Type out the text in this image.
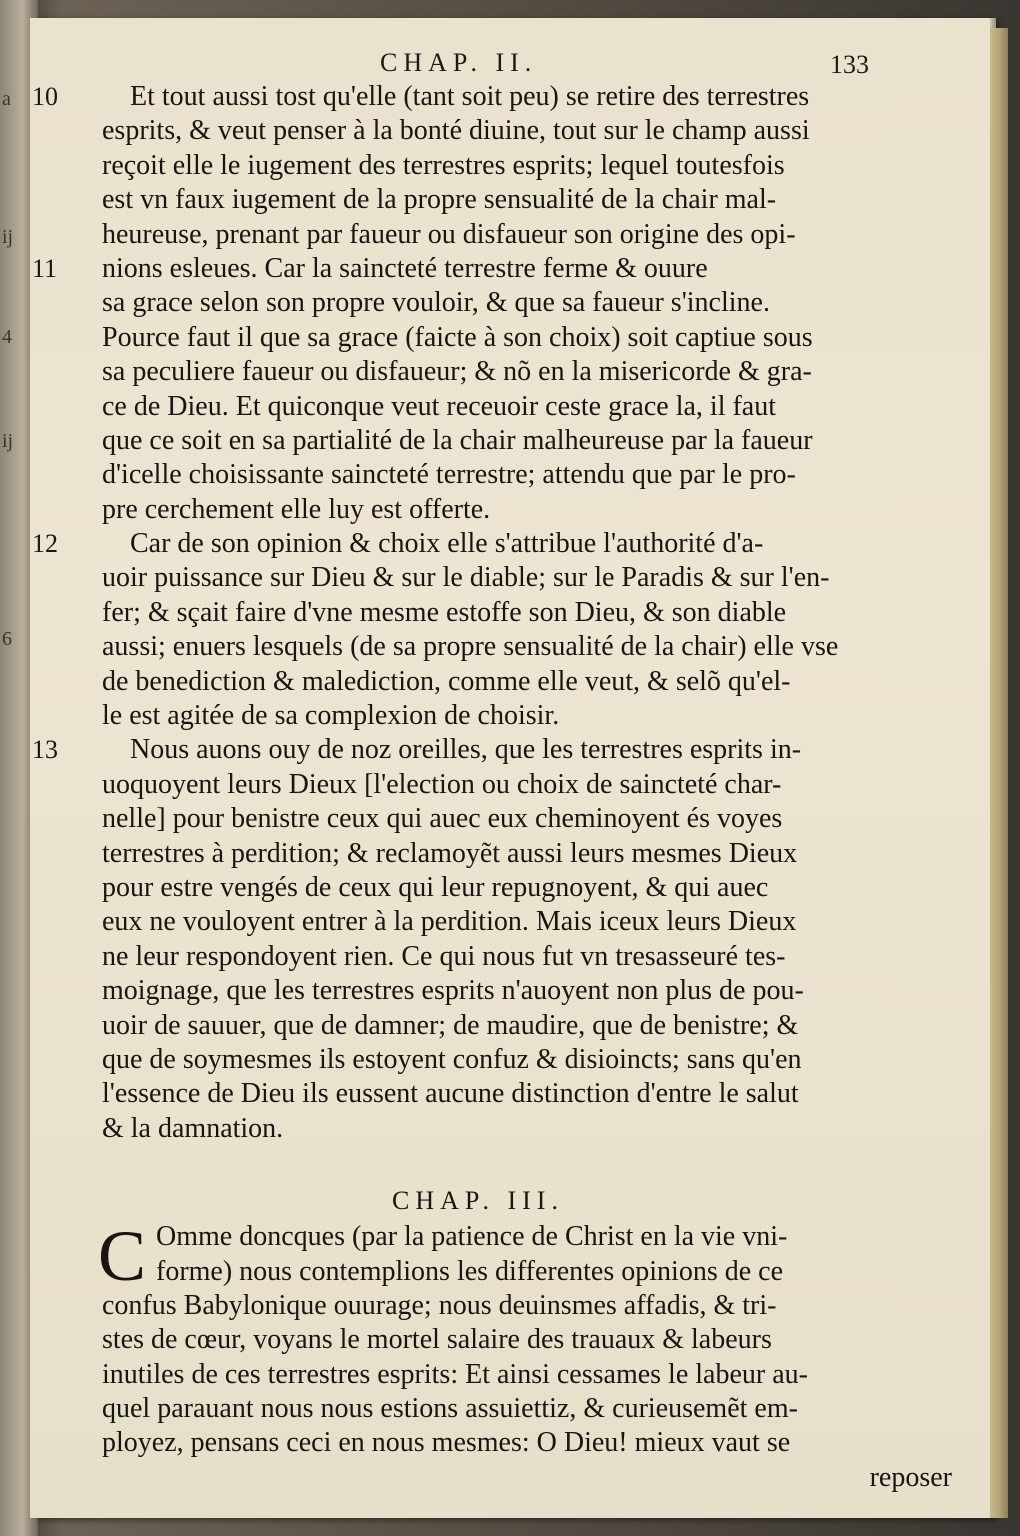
a
ij
4
ij
6
CHAP. II.	133
10	Et tout aussi tost qu'elle (tant soit peu) se retire des terrestres
esprits, & veut penser à la bonté diuine, tout sur le champ aussi
reçoit elle le iugement des terrestres esprits; lequel toutesfois
est vn faux iugement de la propre sensualité de la chair mal-
heureuse, prenant par faueur ou disfaueur son origine des opi-
11	nions esleues. Car la saincteté terrestre ferme & ouure
sa grace selon son propre vouloir, & que sa faueur s'incline.
Pource faut il que sa grace (faicte à son choix) soit captiue sous
sa peculiere faueur ou disfaueur; & nõ en la misericorde & gra-
ce de Dieu. Et quiconque veut receuoir ceste grace la, il faut
que ce soit en sa partialité de la chair malheureuse par la faueur
d'icelle choisissante saincteté terrestre; attendu que par le pro-
pre cerchement elle luy est offerte.
12	Car de son opinion & choix elle s'attribue l'authorité d'a-
uoir puissance sur Dieu & sur le diable; sur le Paradis & sur l'en-
fer; & sçait faire d'vne mesme estoffe son Dieu, & son diable
aussi; enuers lesquels (de sa propre sensualité de la chair) elle vse
de benediction & malediction, comme elle veut, & selõ qu'el-
le est agitée de sa complexion de choisir.
13	Nous auons ouy de noz oreilles, que les terrestres esprits in-
uoquoyent leurs Dieux [l'election ou choix de saincteté char-
nelle] pour benistre ceux qui auec eux cheminoyent és voyes
terrestres à perdition; & reclamoyẽt aussi leurs mesmes Dieux
pour estre vengés de ceux qui leur repugnoyent, & qui auec
eux ne vouloyent entrer à la perdition. Mais iceux leurs Dieux
ne leur respondoyent rien. Ce qui nous fut vn tresasseuré tes-
moignage, que les terrestres esprits n'auoyent non plus de pou-
uoir de sauuer, que de damner; de maudire, que de benistre; &
que de soymesmes ils estoyent confuz & disioincts; sans qu'en
l'essence de Dieu ils eussent aucune distinction d'entre le salut
& la damnation.
CHAP. III.
C Omme doncques (par la patience de Christ en la vie vni-
forme) nous contemplions les differentes opinions de ce
confus Babylonique ouurage; nous deuinsmes affadis, & tri-
stes de cœur, voyans le mortel salaire des trauaux & labeurs
inutiles de ces terrestres esprits: Et ainsi cessames le labeur au-
quel parauant nous nous estions assuiettiz, & curieusemẽt em-
ployez, pensans ceci en nous mesmes: O Dieu! mieux vaut se
reposer
